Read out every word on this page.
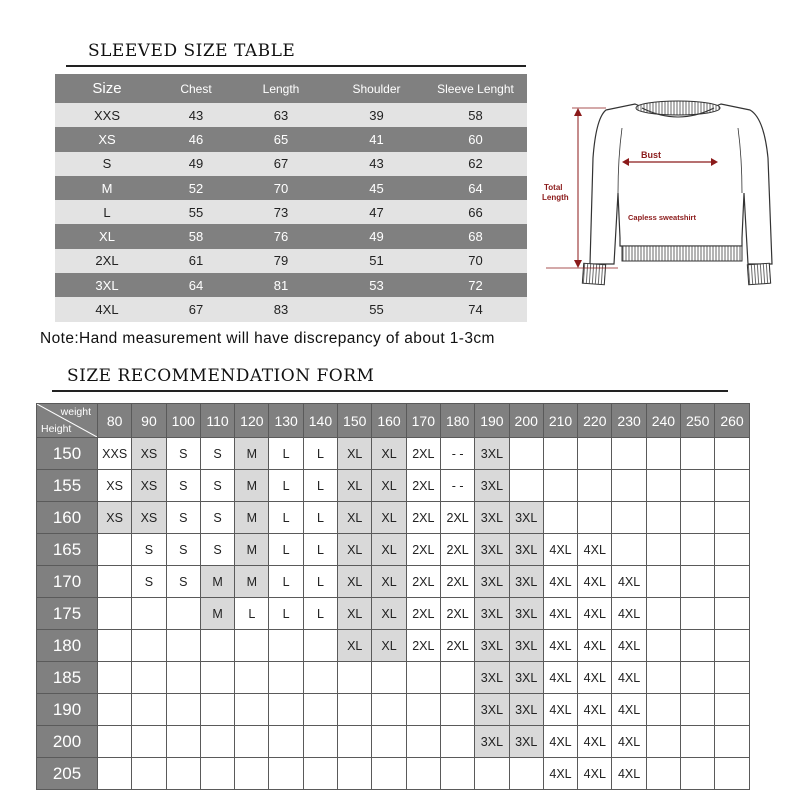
SLEEVED SIZE TABLE
Size	Chest	Length	Shoulder	Sleeve Lenght
XXS	43	63	39	58
XS	46	65	41	60
S	49	67	43	62
M	52	70	45	64
L	55	73	47	66
XL	58	76	49	68
2XL	61	79	51	70
3XL	64	81	53	72
4XL	67	83	55	74
Note:Hand measurement will have discrepancy of about 1-3cm
Bust
Total
Length
Capless sweatshirt
SIZE RECOMMENDATION FORM
weight
Height	80	90	100	110	120	130	140	150	160	170	180	190	200	210	220	230	240	250	260
150	XXS	XS	S	S	M	L	L	XL	XL	2XL	- -	3XL							
155	XS	XS	S	S	M	L	L	XL	XL	2XL	- -	3XL							
160	XS	XS	S	S	M	L	L	XL	XL	2XL	2XL	3XL	3XL						
165		S	S	S	M	L	L	XL	XL	2XL	2XL	3XL	3XL	4XL	4XL				
170		S	S	M	M	L	L	XL	XL	2XL	2XL	3XL	3XL	4XL	4XL	4XL			
175				M	L	L	L	XL	XL	2XL	2XL	3XL	3XL	4XL	4XL	4XL			
180								XL	XL	2XL	2XL	3XL	3XL	4XL	4XL	4XL			
185												3XL	3XL	4XL	4XL	4XL			
190												3XL	3XL	4XL	4XL	4XL			
200												3XL	3XL	4XL	4XL	4XL			
205														4XL	4XL	4XL			
